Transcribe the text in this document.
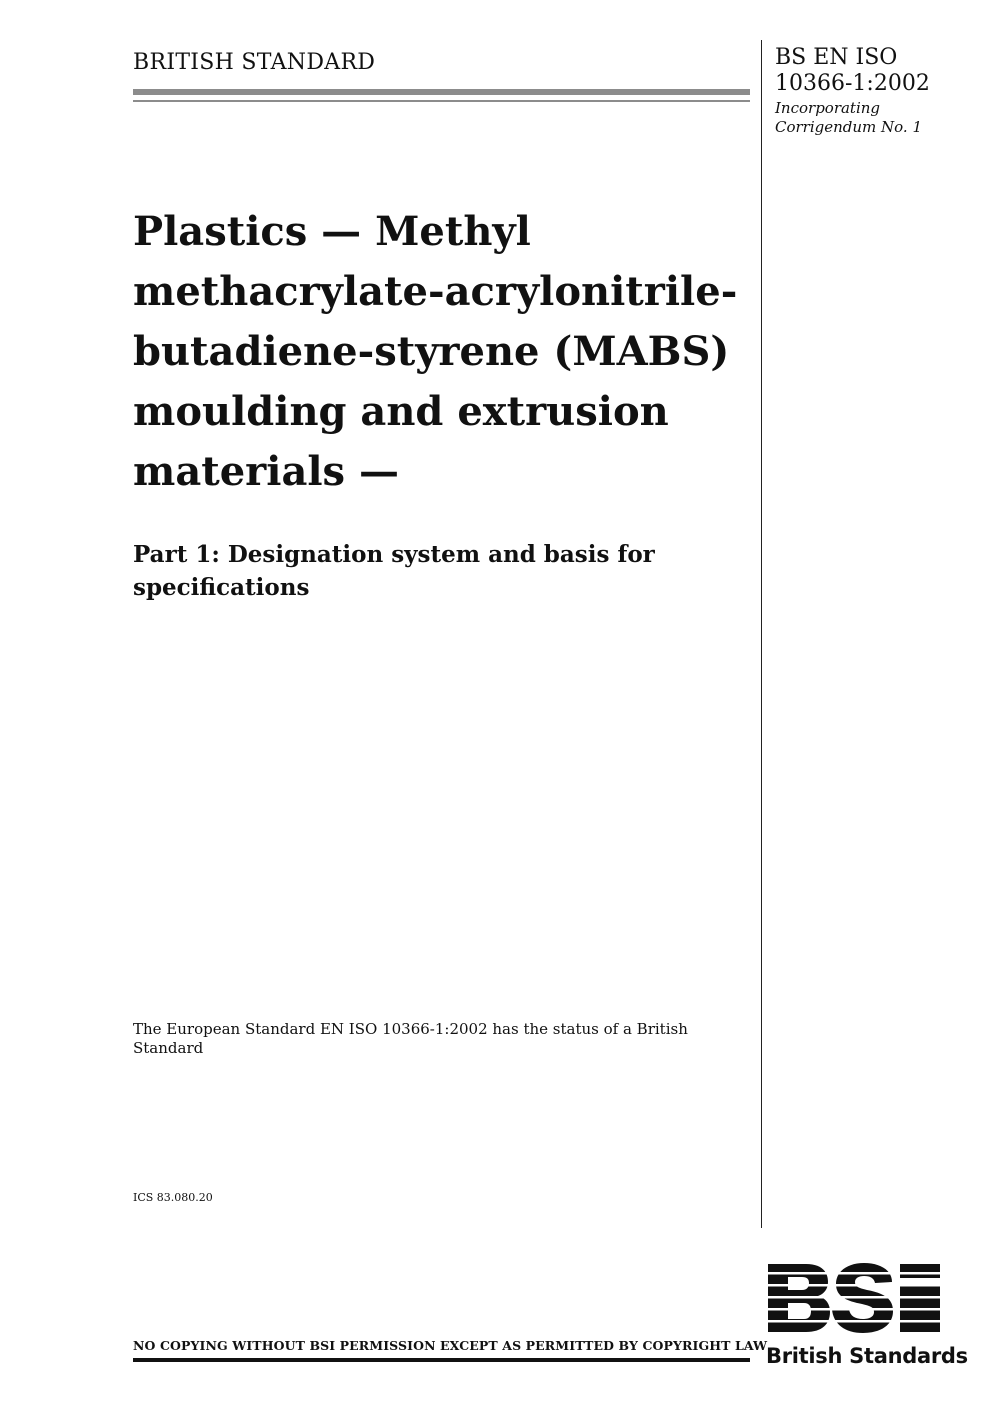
BRITISH STANDARD	BS EN ISO
10366-1:2002
Incorporating
Corrigendum No. 1
Plastics — Methyl
methacrylate-acrylonitrile-
butadiene-styrene (MABS)
moulding and extrusion
materials —
Part 1: Designation system and basis for specifications
The European Standard EN ISO 10366-1:2002 has the status of a British Standard
ICS 83.080.20
NO COPYING WITHOUT BSI PERMISSION EXCEPT AS PERMITTED BY COPYRIGHT LAW
British Standards
